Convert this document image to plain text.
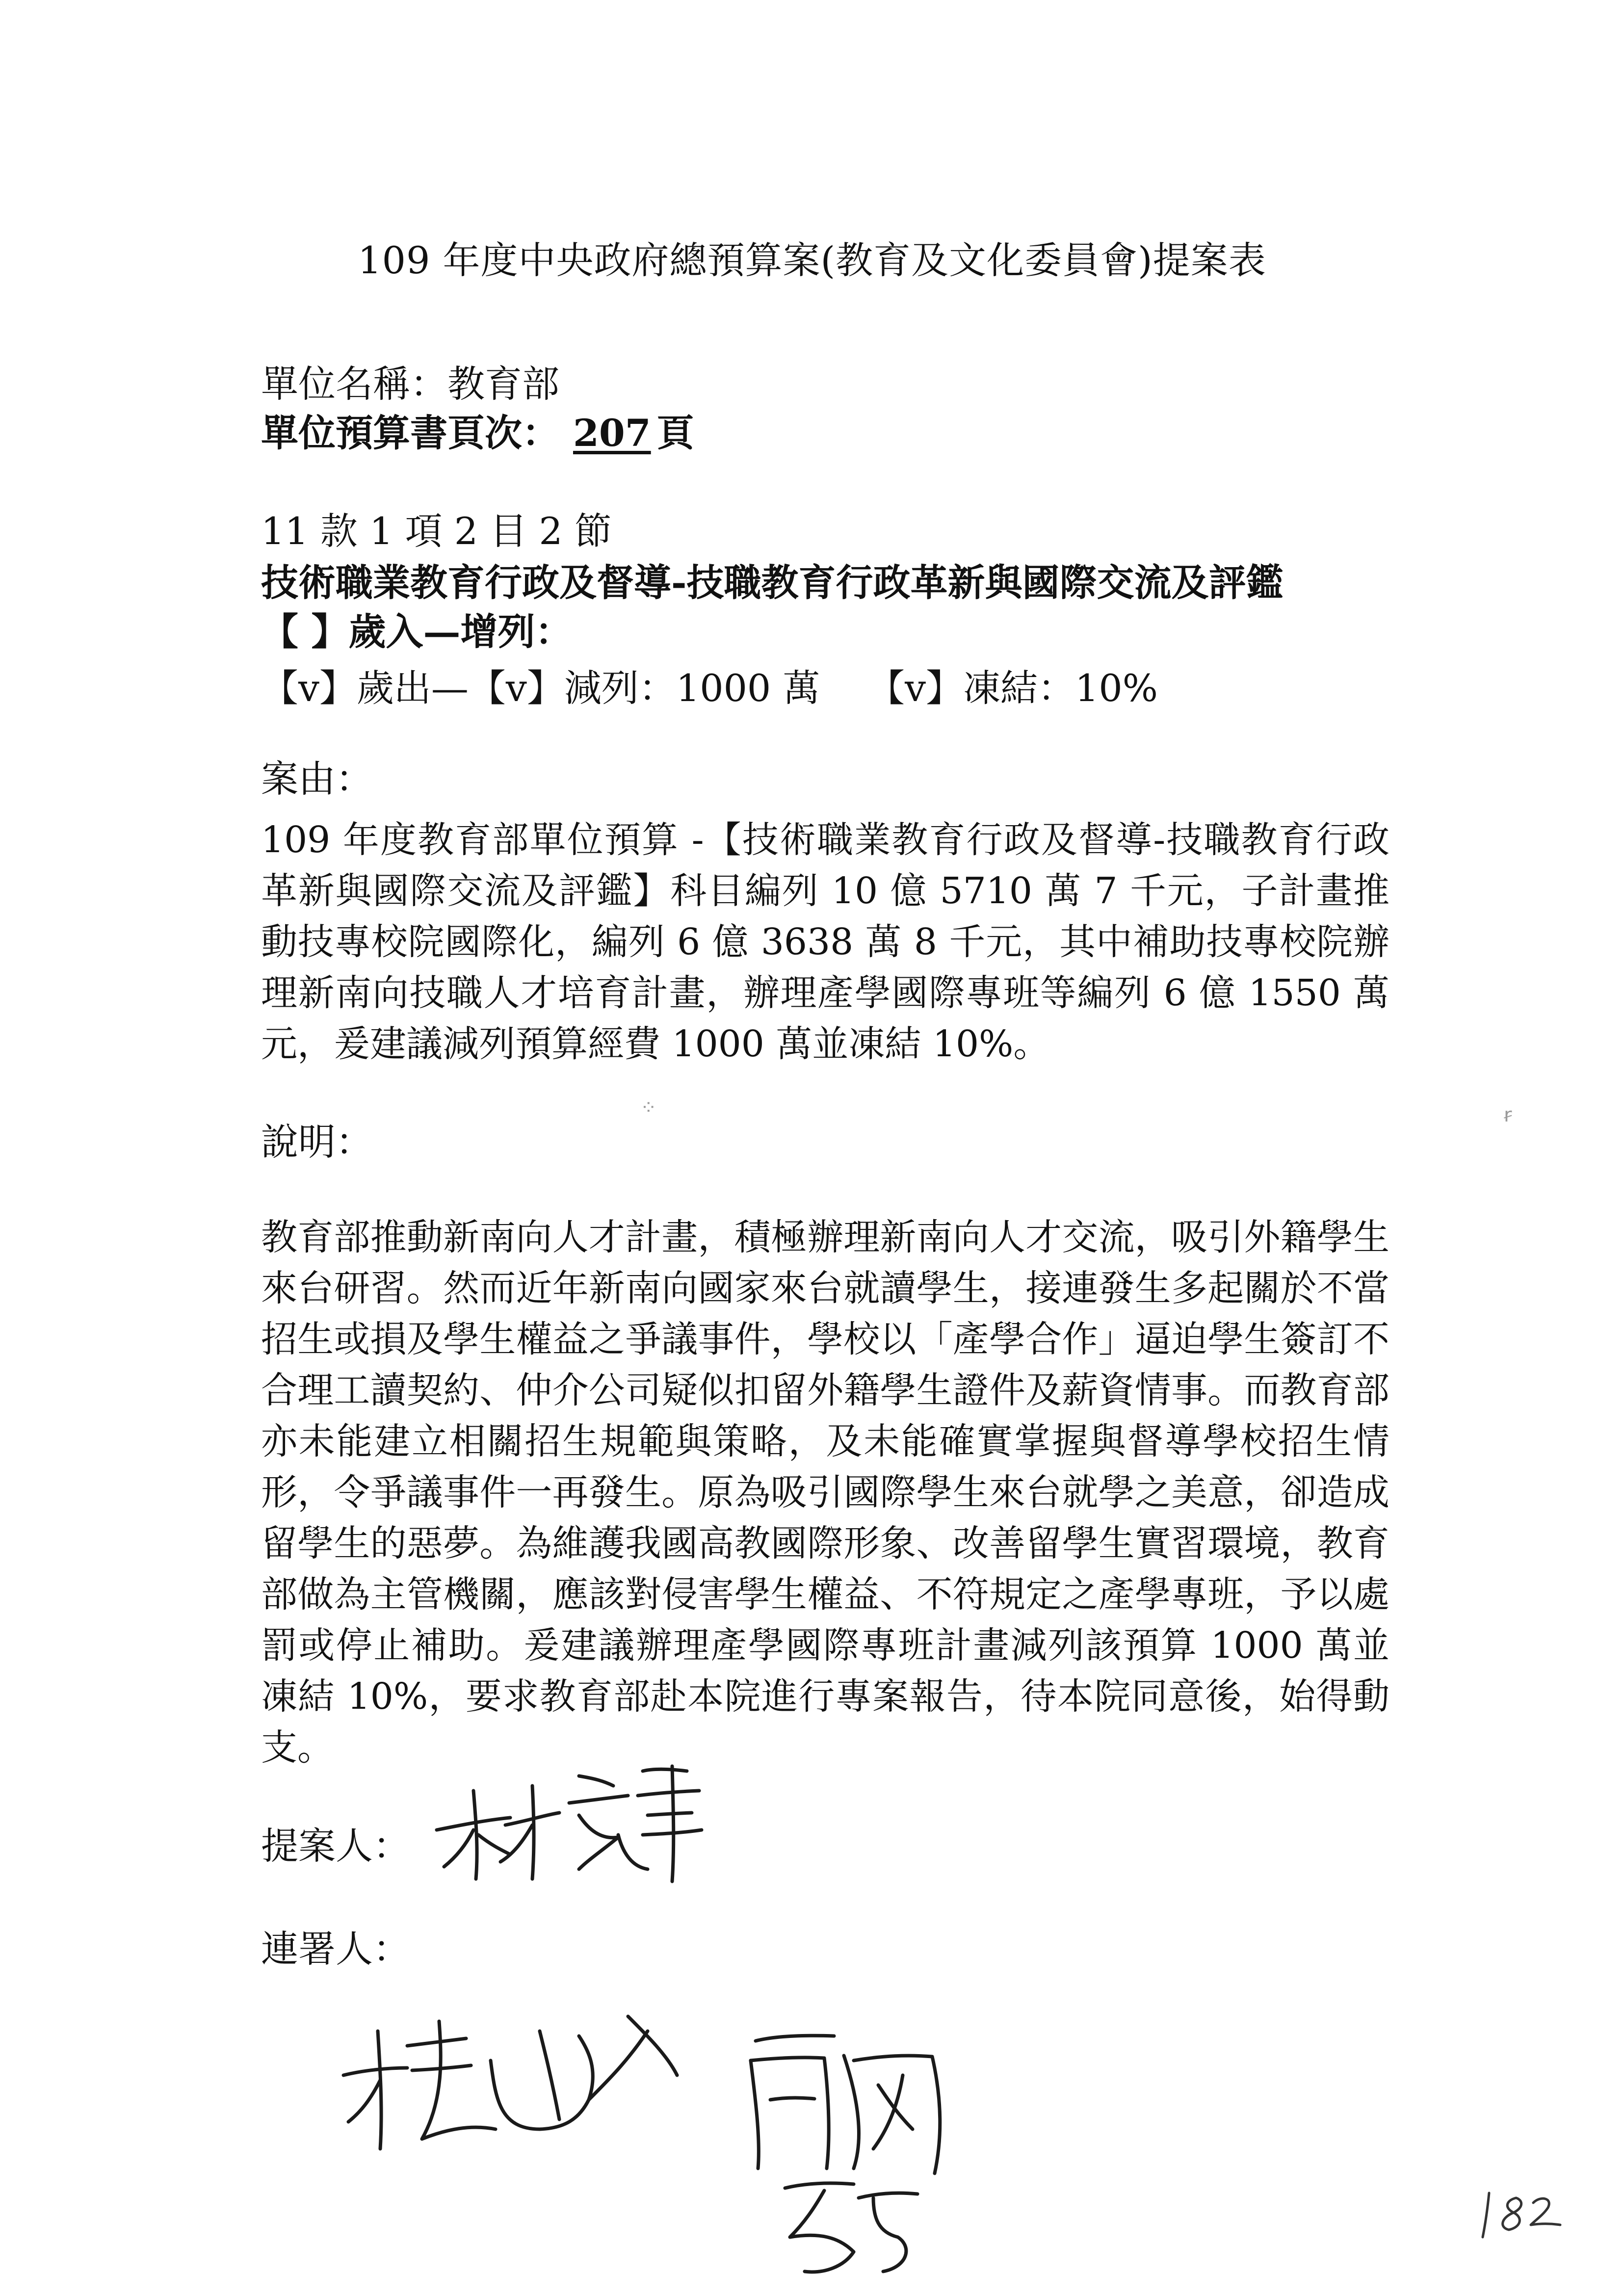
109 年度中央政府總預算案(教育及文化委員會)提案表
單位名稱：教育部
單位預算書頁次： 207 頁
11 款 1 項 2 目 2 節
技術職業教育行政及督導-技職教育行政革新與國際交流及評鑑
【 】歲入—增列：
【v】歲出—【v】減列：1000 萬    【v】凍結：10%
案由：
109 年度教育部單位預算 -【技術職業教育行政及督導-技職教育行政革新與國際交流及評鑑】科目編列 10 億 5710 萬 7 千元，子計畫推動技專校院國際化，編列 6 億 3638 萬 8 千元，其中補助技專校院辦理新南向技職人才培育計畫，辦理產學國際專班等編列 6 億 1550 萬元，爰建議減列預算經費 1000 萬並凍結 10%。
⁘	ꞧ
說明：
教育部推動新南向人才計畫，積極辦理新南向人才交流，吸引外籍學生來台研習。然而近年新南向國家來台就讀學生，接連發生多起關於不當招生或損及學生權益之爭議事件，學校以「產學合作」逼迫學生簽訂不合理工讀契約、仲介公司疑似扣留外籍學生證件及薪資情事。而教育部亦未能建立相關招生規範與策略，及未能確實掌握與督導學校招生情形，令爭議事件一再發生。原為吸引國際學生來台就學之美意，卻造成留學生的惡夢。為維護我國高教國際形象、改善留學生實習環境，教育部做為主管機關，應該對侵害學生權益、不符規定之產學專班，予以處罰或停止補助。爰建議辦理產學國際專班計畫減列該預算 1000 萬並凍結 10%，要求教育部赴本院進行專案報告，待本院同意後，始得動支。
提案人：
連署人：
